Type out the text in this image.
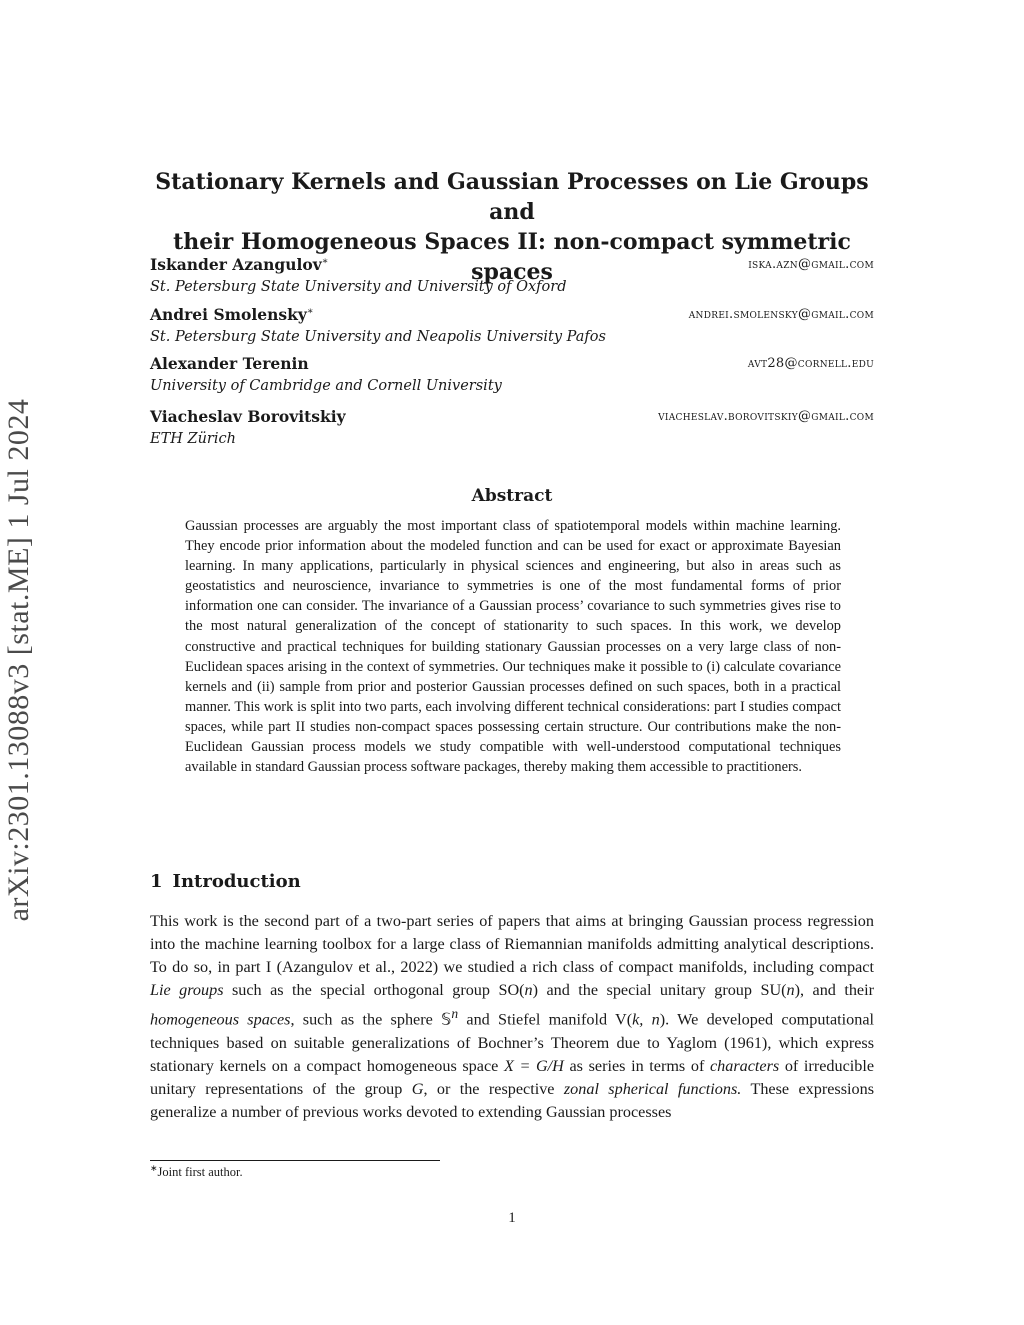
arXiv:2301.13088v3 [stat.ME] 1 Jul 2024
Stationary Kernels and Gaussian Processes on Lie Groups and
their Homogeneous Spaces II: non-compact symmetric spaces
Iskander Azangulov∗	iska.azn@gmail.com
St. Petersburg State University and University of Oxford
Andrei Smolensky∗	andrei.smolensky@gmail.com
St. Petersburg State University and Neapolis University Pafos
Alexander Terenin	avt28@cornell.edu
University of Cambridge and Cornell University
Viacheslav Borovitskiy	viacheslav.borovitskiy@gmail.com
ETH Zürich
Abstract
Gaussian processes are arguably the most important class of spatiotemporal models within machine learning. They encode prior information about the modeled function and can be used for exact or approximate Bayesian learning. In many applications, particularly in physical sciences and engineering, but also in areas such as geostatistics and neuroscience, invariance to symmetries is one of the most fundamental forms of prior information one can consider. The invariance of a Gaussian process’ covariance to such symmetries gives rise to the most natural generalization of the concept of stationarity to such spaces. In this work, we develop constructive and practical techniques for building stationary Gaussian processes on a very large class of non-Euclidean spaces arising in the context of symmetries. Our techniques make it possible to (i) calculate covariance kernels and (ii) sample from prior and posterior Gaussian processes defined on such spaces, both in a practical manner. This work is split into two parts, each involving different technical considerations: part I studies compact spaces, while part II studies non-compact spaces possessing certain structure. Our contributions make the non-Euclidean Gaussian process models we study compatible with well-understood computational techniques available in standard Gaussian process software packages, thereby making them accessible to practitioners.
1 Introduction
This work is the second part of a two-part series of papers that aims at bringing Gaussian process regression into the machine learning toolbox for a large class of Riemannian manifolds admitting analytical descriptions. To do so, in part I (Azangulov et al., 2022) we studied a rich class of compact manifolds, including compact Lie groups such as the special orthogonal group SO(n) and the special unitary group SU(n), and their homogeneous spaces, such as the sphere 𝕊$^n$ and Stiefel manifold V(k, n). We developed computational techniques based on suitable generalizations of Bochner’s Theorem due to Yaglom (1961), which express stationary kernels on a compact homogeneous space X = G/H as series in terms of characters of irreducible unitary representations of the group G, or the respective zonal spherical functions. These expressions generalize a number of previous works devoted to extending Gaussian processes
∗Joint first author.
1
